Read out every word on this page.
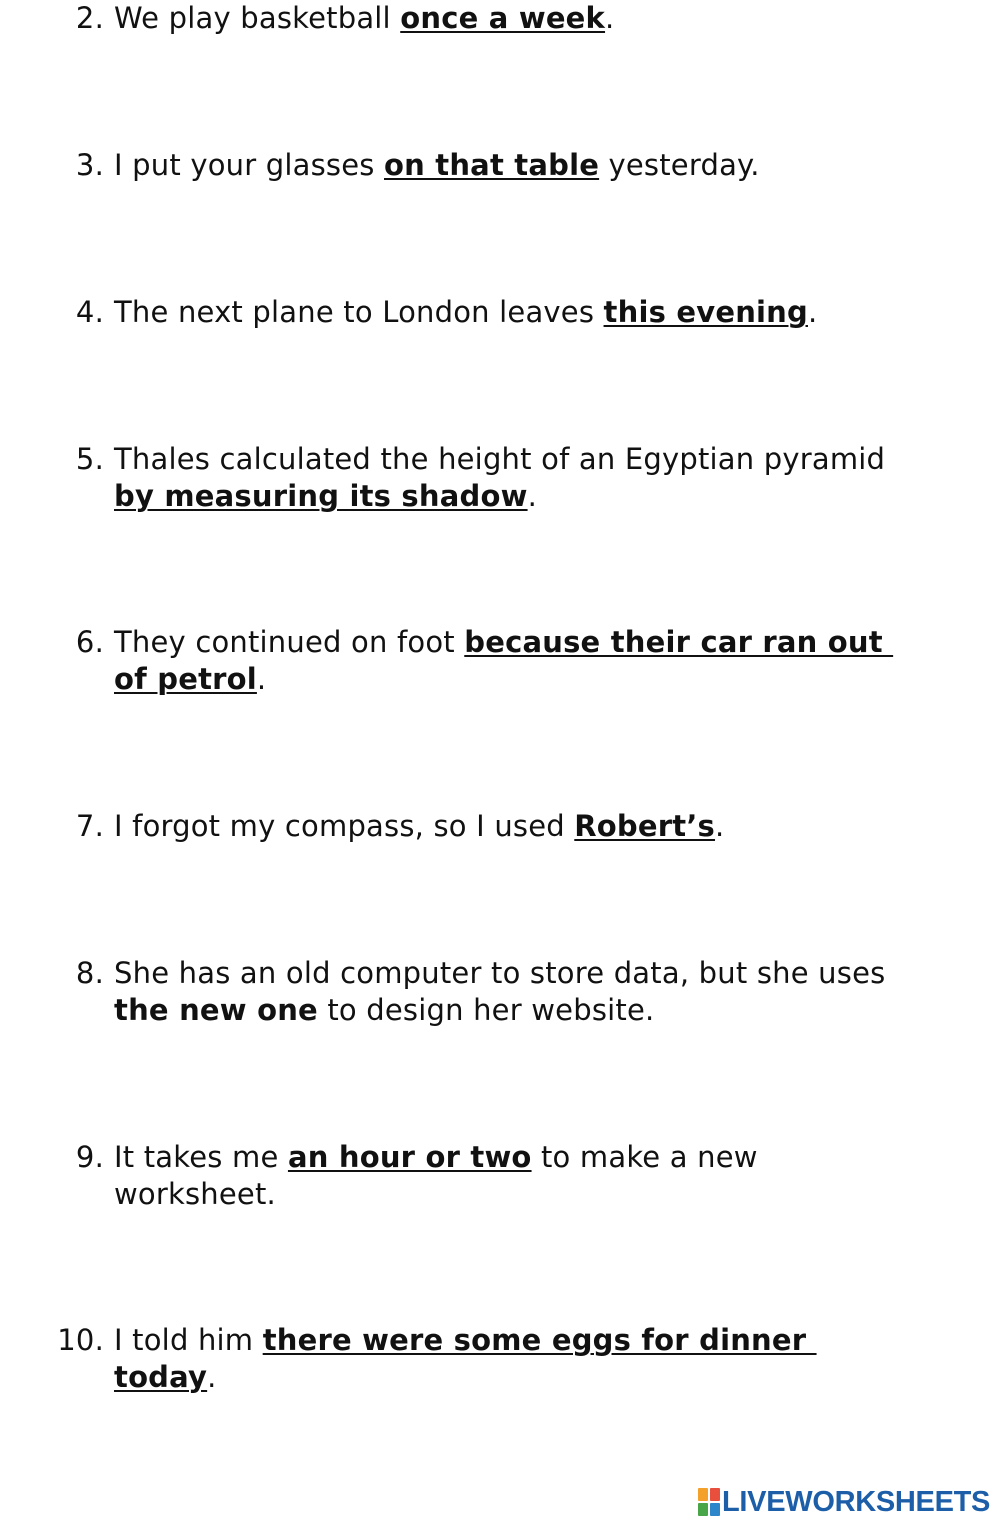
2. We play basketball once a week.
3. I put your glasses on that table yesterday.
4. The next plane to London leaves this evening.
5. Thales calculated the height of an Egyptian pyramid
by measuring its shadow.
6. They continued on foot because their car ran out
of petrol.
7. I forgot my compass, so I used Robert’s.
8. She has an old computer to store data, but she uses
the new one to design her website.
9. It takes me an hour or two to make a new
worksheet.
10. I told him there were some eggs for dinner
today.
LIVEWORKSHEETS
